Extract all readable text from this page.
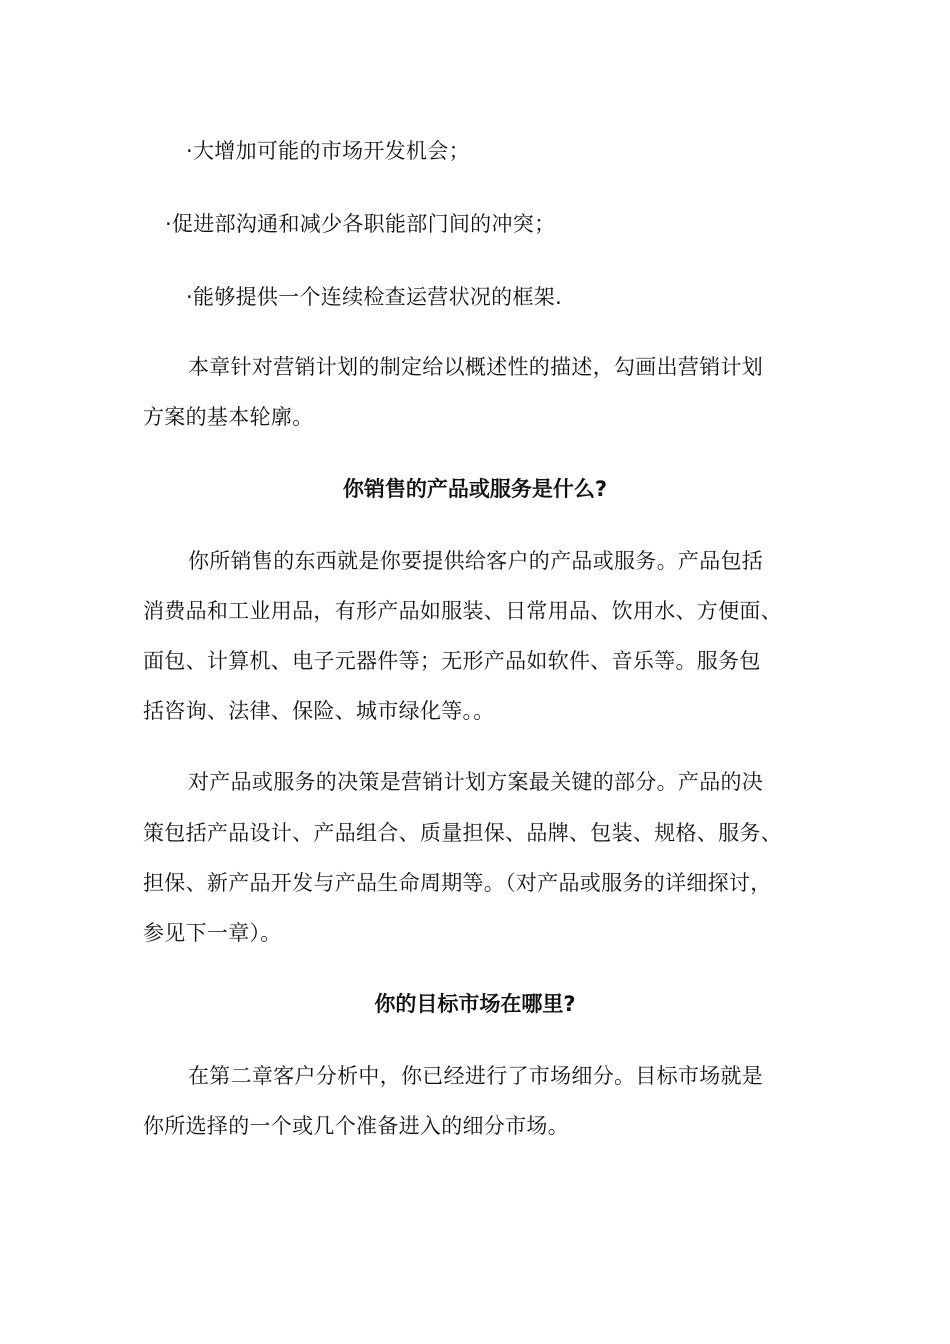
·大增加可能的市场开发机会；
·促进部沟通和减少各职能部门间的冲突；
·能够提供一个连续检查运营状况的框架.
本章针对营销计划的制定给以概述性的描述，勾画出营销计划
方案的基本轮廓。
你销售的产品或服务是什么?
你所销售的东西就是你要提供给客户的产品或服务。产品包括
消费品和工业用品，有形产品如服装、日常用品、饮用水、方便面、
面包、计算机、电子元器件等；无形产品如软件、音乐等。服务包
括咨询、法律、保险、城市绿化等。。
对产品或服务的决策是营销计划方案最关键的部分。产品的决
策包括产品设计、产品组合、质量担保、品牌、包装、规格、服务、
担保、新产品开发与产品生命周期等。（对产品或服务的详细探讨，
参见下一章）。
你的目标市场在哪里?
在第二章客户分析中，你已经进行了市场细分。目标市场就是
你所选择的一个或几个准备进入的细分市场。
